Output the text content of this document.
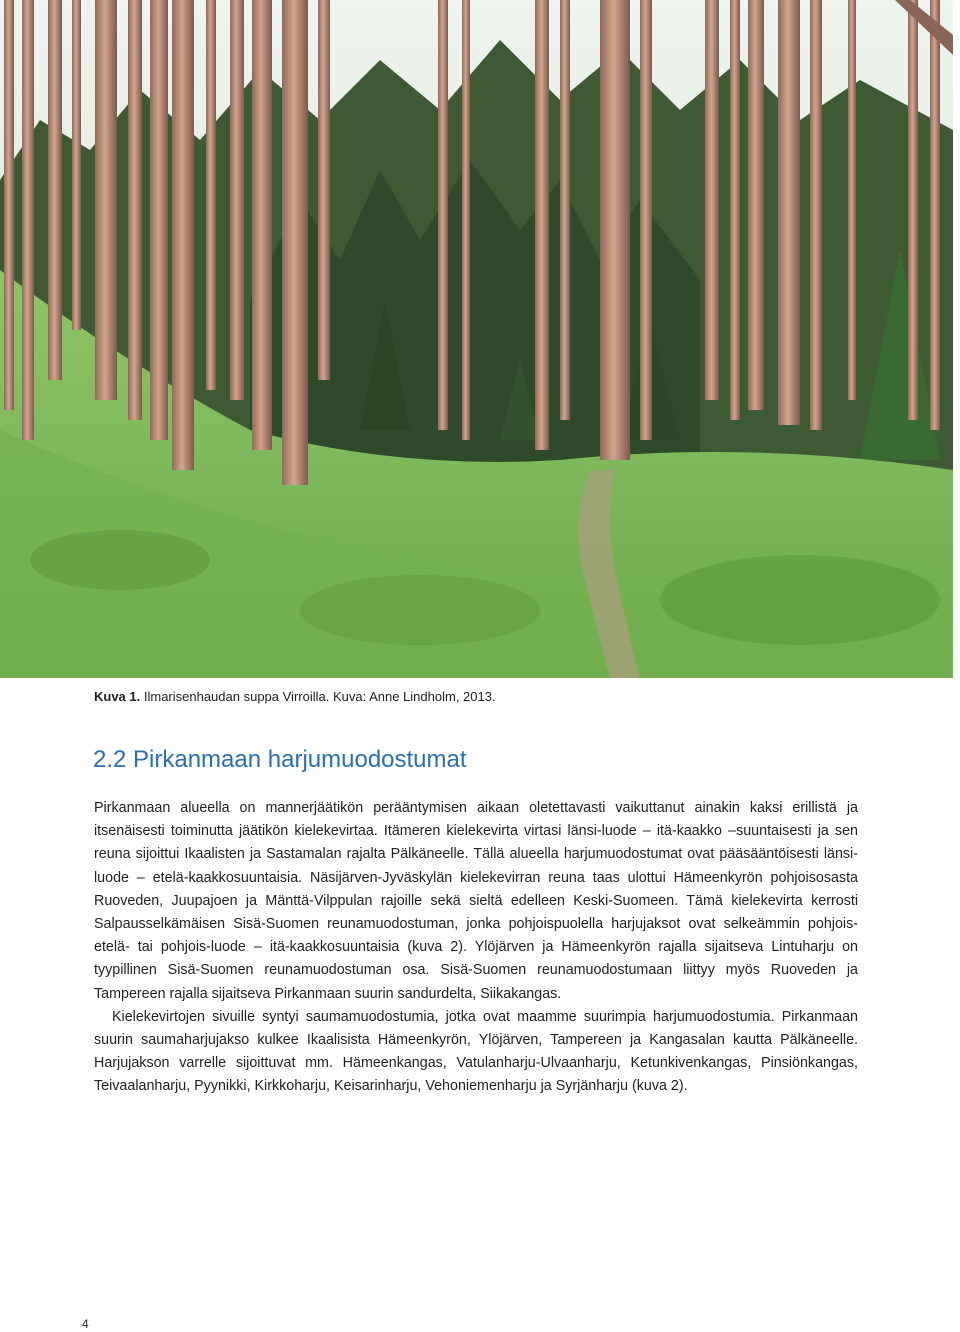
Kuva 1. Ilmarisenhaudan suppa Virroilla. Kuva: Anne Lindholm, 2013.
2.2 Pirkanmaan harjumuodostumat

Pirkanmaan alueella on mannerjäätikön perääntymisen aikaan oletettavasti vaikuttanut ainakin kaksi erillistä ja itsenäisesti toiminutta jäätikön kielekevirtaa. Itämeren kielekevirta virtasi länsi-luode – itä-kaakko –suuntaisesti ja sen reuna sijoittui Ikaalisten ja Sastamalan rajalta Pälkäneelle. Tällä alueella harjumuodostumat ovat pääsääntöisesti länsi-luode – etelä-kaakkosuuntaisia. Näsijärven-Jyväskylän kielekevirran reuna taas ulottui Hämeenkyrön pohjoisosasta Ruoveden, Juupajoen ja Mänttä-Vilppulan rajoille sekä sieltä edelleen Keski-Suomeen. Tämä kielekevirta kerrosti Salpausselkämäisen Sisä-Suomen reunamuodostuman, jonka pohjoispuolella harjujaksot ovat selkeämmin pohjois-etelä- tai pohjois-luode – itä-kaakkosuuntaisia (kuva 2). Ylöjärven ja Hämeenkyrön rajalla sijaitseva Lintuharju on tyypillinen Sisä-Suomen reunamuodostuman osa. Sisä-Suomen reunamuodostumaan liittyy myös Ruoveden ja Tampereen rajalla sijaitseva Pirkanmaan suurin sandurdelta, Siikakangas.

Kielekevirtojen sivuille syntyi saumamuodostumia, jotka ovat maamme suurimpia harjumuodostumia. Pirkanmaan suurin saumaharjujakso kulkee Ikaalisista Hämeenkyrön, Ylöjärven, Tampereen ja Kangasalan kautta Pälkäneelle. Harjujakson varrelle sijoittuvat mm. Hämeenkangas, Vatulanharju-Ulvaanharju, Ketunkivenkangas, Pinsiönkangas, Teivaalanharju, Pyynikki, Kirkkoharju, Keisarinharju, Vehoniemenharju ja Syrjänharju (kuva 2).

4
